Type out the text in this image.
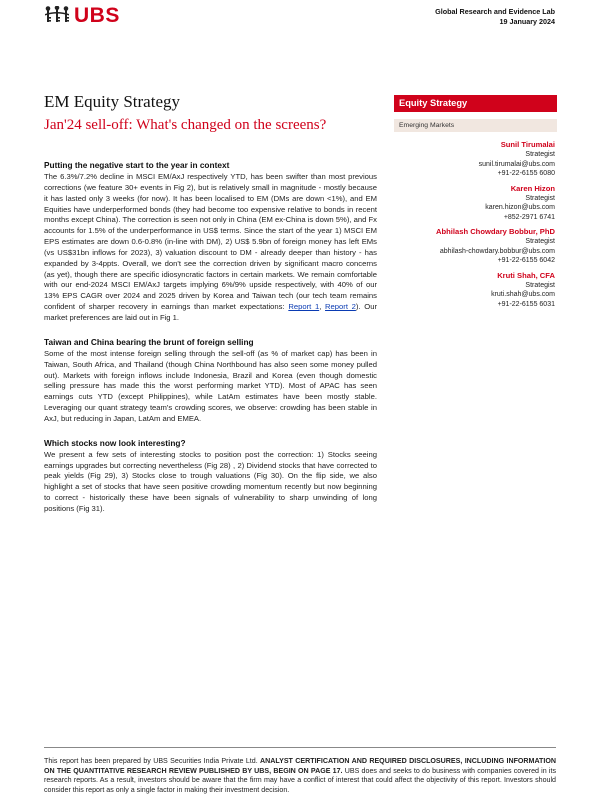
UBS	Global Research and Evidence Lab
19 January 2024
EM Equity Strategy
Jan'24 sell-off: What's changed on the screens?
Equity Strategy
Emerging Markets
Sunil Tirumalai
Strategist
sunil.tirumalai@ubs.com
+91-22-6155 6080
Karen Hizon
Strategist
karen.hizon@ubs.com
+852-2971 6741
Abhilash Chowdary Bobbur, PhD
Strategist
abhilash-chowdary.bobbur@ubs.com
+91-22-6155 6042
Kruti Shah, CFA
Strategist
kruti.shah@ubs.com
+91-22-6155 6031
Putting the negative start to the year in context
The 6.3%/7.2% decline in MSCI EM/AxJ respectively YTD, has been swifter than most previous corrections (we feature 30+ events in Fig 2), but is relatively small in magnitude - mostly because it has lasted only 3 weeks (for now). It has been localised to EM (DMs are down <1%), and EM Equities have underperformed bonds (they had become too expensive relative to bonds in recent months except China). The correction is seen not only in China (EM ex-China is down 5%), and Fx accounts for 1.5% of the underperformance in US$ terms. Since the start of the year 1) MSCI EM EPS estimates are down 0.6-0.8% (in-line with DM), 2) US$ 5.9bn of foreign money has left EMs (vs US$31bn inflows for 2023), 3) valuation discount to DM - already deeper than history - has expanded by 3-4ppts. Overall, we don't see the correction driven by significant macro concerns (as yet), though there are specific idiosyncratic factors in certain markets. We remain comfortable with our end-2024 MSCI EM/AxJ targets implying 6%/9% upside respectively, with 40% of our 13% EPS CAGR over 2024 and 2025 driven by Korea and Taiwan tech (our tech team remains confident of sharper recovery in earnings than market expectations: Report 1, Report 2). Our market preferences are laid out in Fig 1.
Taiwan and China bearing the brunt of foreign selling
Some of the most intense foreign selling through the sell-off (as % of market cap) has been in Taiwan, South Africa, and Thailand (though China Northbound has also seen some money pulled out). Markets with foreign inflows include Indonesia, Brazil and Korea (even though domestic selling pressure has made this the worst performing market YTD). Most of APAC has seen earnings cuts YTD (except Philippines), while LatAm estimates have been mostly stable. Leveraging our quant strategy team's crowding scores, we observe: crowding has been stable in AxJ, but reducing in Japan, LatAm and EMEA.
Which stocks now look interesting?
We present a few sets of interesting stocks to position post the correction: 1) Stocks seeing earnings upgrades but correcting nevertheless (Fig 28) , 2) Dividend stocks that have corrected to peak yields (Fig 29), 3) Stocks close to trough valuations (Fig 30). On the flip side, we also highlight a set of stocks that have seen positive crowding momentum recently but now beginning to correct - historically these have been signals of vulnerability to sharp unwinding of long positions (Fig 31).
This report has been prepared by UBS Securities India Private Ltd. ANALYST CERTIFICATION AND REQUIRED DISCLOSURES, INCLUDING INFORMATION ON THE QUANTITATIVE RESEARCH REVIEW PUBLISHED BY UBS, BEGIN ON PAGE 17. UBS does and seeks to do business with companies covered in its research reports. As a result, investors should be aware that the firm may have a conflict of interest that could affect the objectivity of this report. Investors should consider this report as only a single factor in making their investment decision.
